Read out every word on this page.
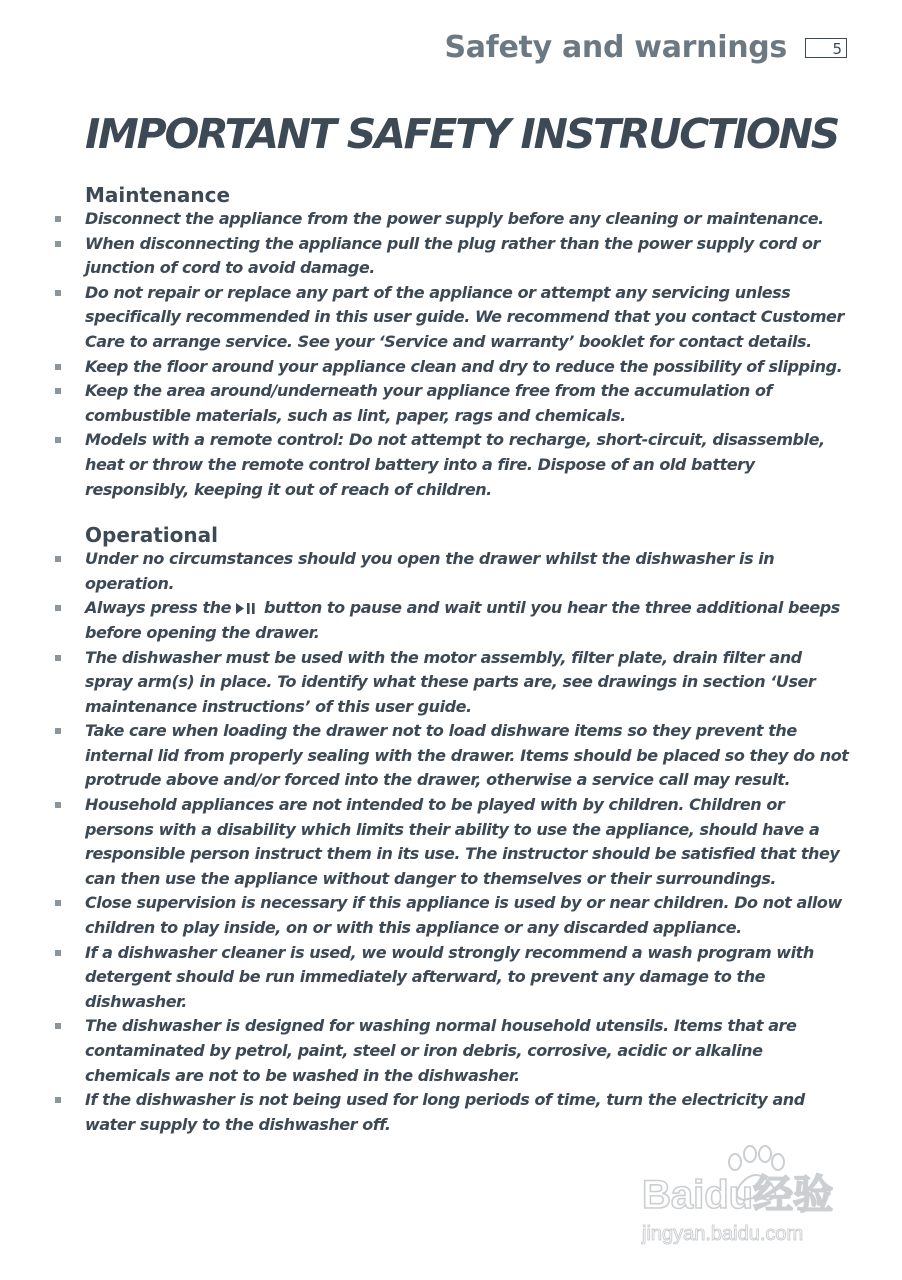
Safety and warnings	5
IMPORTANT SAFETY INSTRUCTIONS
Maintenance
Disconnect the appliance from the power supply before any cleaning or maintenance.
When disconnecting the appliance pull the plug rather than the power supply cord or junction of cord to avoid damage.
Do not repair or replace any part of the appliance or attempt any servicing unless specifically recommended in this user guide. We recommend that you contact Customer Care to arrange service. See your ‘Service and warranty’ booklet for contact details.
Keep the floor around your appliance clean and dry to reduce the possibility of slipping.
Keep the area around/underneath your appliance free from the accumulation of combustible materials, such as lint, paper, rags and chemicals.
Models with a remote control: Do not attempt to recharge, short-circuit, disassemble, heat or throw the remote control battery into a fire. Dispose of an old battery responsibly, keeping it out of reach of children.
Operational
Under no circumstances should you open the drawer whilst the dishwasher is in operation.
Always press the button to pause and wait until you hear the three additional beeps before opening the drawer.
The dishwasher must be used with the motor assembly, filter plate, drain filter and spray arm(s) in place. To identify what these parts are, see drawings in section ‘User maintenance instructions’ of this user guide.
Take care when loading the drawer not to load dishware items so they prevent the internal lid from properly sealing with the drawer. Items should be placed so they do not protrude above and/or forced into the drawer, otherwise a service call may result.
Household appliances are not intended to be played with by children. Children or persons with a disability which limits their ability to use the appliance, should have a responsible person instruct them in its use. The instructor should be satisfied that they can then use the appliance without danger to themselves or their surroundings.
Close supervision is necessary if this appliance is used by or near children. Do not allow children to play inside, on or with this appliance or any discarded appliance.
If a dishwasher cleaner is used, we would strongly recommend a wash program with detergent should be run immediately afterward, to prevent any damage to the dishwasher.
The dishwasher is designed for washing normal household utensils. Items that are contaminated by petrol, paint, steel or iron debris, corrosive, acidic or alkaline chemicals are not to be washed in the dishwasher.
If the dishwasher is not being used for long periods of time, turn the electricity and water supply to the dishwasher off.
Baidu经验
jingyan.baidu.com
